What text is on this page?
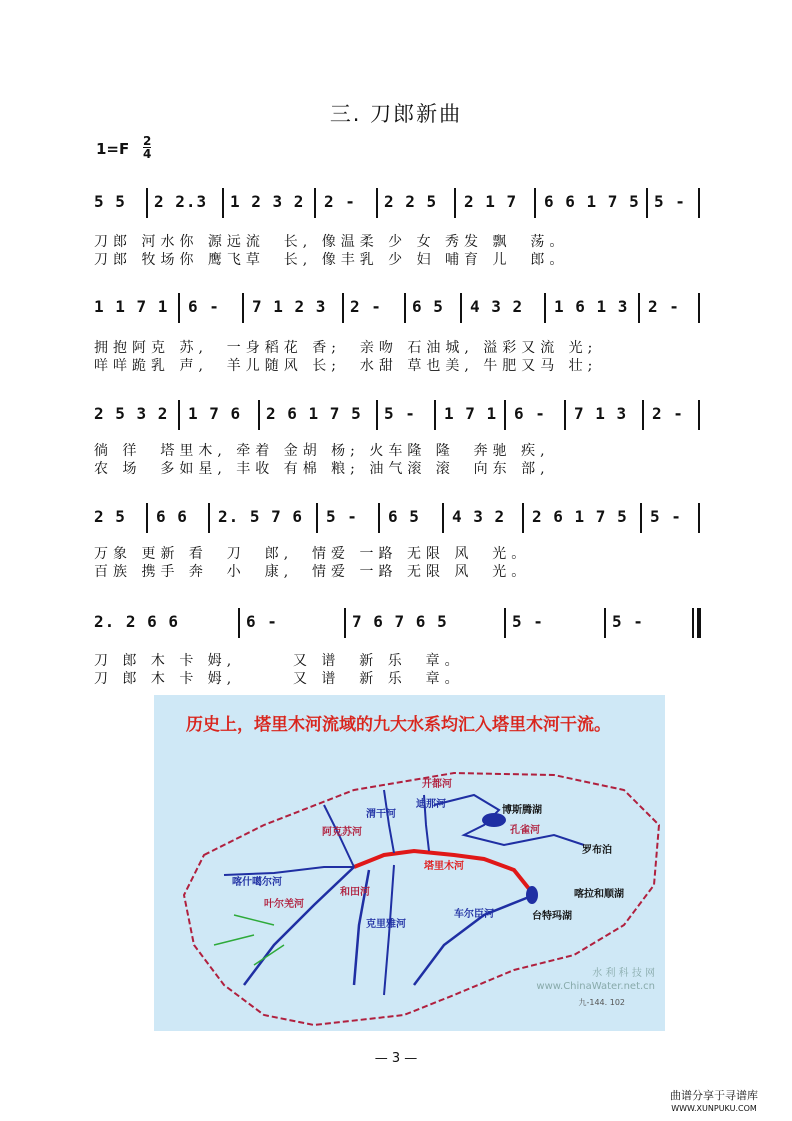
三. 刀郎新曲
1=F 2
4
5 5 2 2.3 1 2 3 2 2 - 2 2 5 2 1 7 6 6 1 7 5 5 -
刀郎 河水你 源远流  长, 像温柔 少 女 秀发 飘  荡。
刀郎 牧场你 鹰飞草  长, 像丰乳 少 妇 哺育 儿  郎。
1 1 7 1 6 - 7 1 2 3 2 - 6 5 4 3 2 1 6 1 3 2 -
拥抱阿克 苏,  一身稻花 香;  亲吻 石油城, 溢彩又流 光;
咩咩跪乳 声,  羊儿随风 长;  水甜 草也美, 牛肥又马 壮;
2 5 3 2 1 7 6 2 6 1 7 5 5 - 1 7 1 6 - 7 1 3 2 -
徜 徉  塔里木, 牵着 金胡 杨; 火车隆 隆  奔驰 疾,
农 场  多如星, 丰收 有棉 粮; 油气滚 滚  向东 部,
2 5 6 6 2. 5 7 6 5 - 6 5 4 3 2 2 6 1 7 5 5 -
万象 更新 看  刀  郎,  情爱 一路 无限 风  光。
百族 携手 奔  小  康,  情爱 一路 无限 风  光。
2. 2 6 6	6 -	7 6 7 6 5	5 -	5 -
刀 郎 木 卡 姆,      又 谱  新 乐  章。
刀 郎 木 卡 姆,      又 谱  新 乐  章。
历史上，塔里木河流域的九大水系均汇入塔里木河干流。
喀什噶尔河
叶尔羌河
阿克苏河
渭干河
迪那河
开都河
孔雀河
和田河
克里雅河
车尔臣河
塔里木河
博斯腾湖
罗布泊
台特玛湖
喀拉和顺湖
水 利 科 技 网
www.ChinaWater.net.cn
九-144. 102
— 3 —
曲谱分享于寻谱库
WWW.XUNPUKU.COM
